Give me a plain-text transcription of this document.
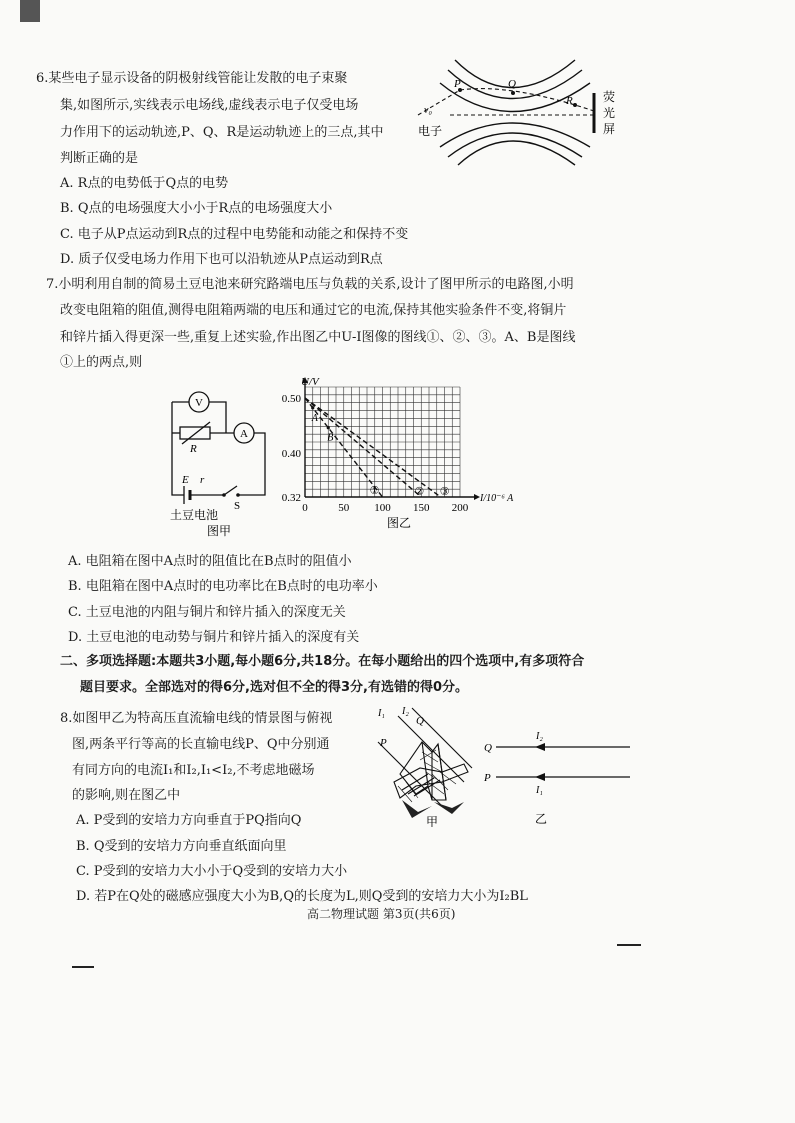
6.某些电子显示设备的阴极射线管能让发散的电子束聚
集,如图所示,实线表示电场线,虚线表示电子仅受电场
力作用下的运动轨迹,P、Q、R是运动轨迹上的三点,其中
判断正确的是
A. R点的电势低于Q点的电势
B. Q点的电场强度大小小于R点的电场强度大小
C. 电子从P点运动到R点的过程中电势能和动能之和保持不变
D. 质子仅受电场力作用下也可以沿轨迹从P点运动到R点
P	Q
R
v₀
电子
荧
光
屏
7.小明利用自制的简易土豆电池来研究路端电压与负载的关系,设计了图甲所示的电路图,小明
改变电阻箱的阻值,测得电阻箱两端的电压和通过它的电流,保持其他实验条件不变,将铜片
和锌片插入得更深一些,重复上述实验,作出图乙中U-I图像的图线①、②、③。A、B是图线
①上的两点,则
V
A
R
E r
S
土豆电池
图甲
0	50 100 150 200
0.32
0.40
0.50
①	② ③
A
B
U/V
I/10⁻⁶ A
图乙
A. 电阻箱在图中A点时的阻值比在B点时的阻值小
B. 电阻箱在图中A点时的电功率比在B点时的电功率小
C. 土豆电池的内阻与铜片和锌片插入的深度无关
D. 土豆电池的电动势与铜片和锌片插入的深度有关
二、多项选择题:本题共3小题,每小题6分,共18分。在每小题给出的四个选项中,有多项符合
题目要求。全部选对的得6分,选对但不全的得3分,有选错的得0分。
8.如图甲乙为特高压直流输电线的情景图与俯视
图,两条平行等高的长直输电线P、Q中分别通
有同方向的电流I₁和I₂,I₁<I₂,不考虑地磁场
的影响,则在图乙中
A. P受到的安培力方向垂直于PQ指向Q
B. Q受到的安培力方向垂直纸面向里
C. P受到的安培力大小小于Q受到的安培力大小
D. 若P在Q处的磁感应强度大小为B,Q的长度为L,则Q受到的安培力大小为I₂BL
I₁
P
I₂
Q
甲
Q
P
I₂
I₁
乙
高二物理试题 第3页(共6页)
